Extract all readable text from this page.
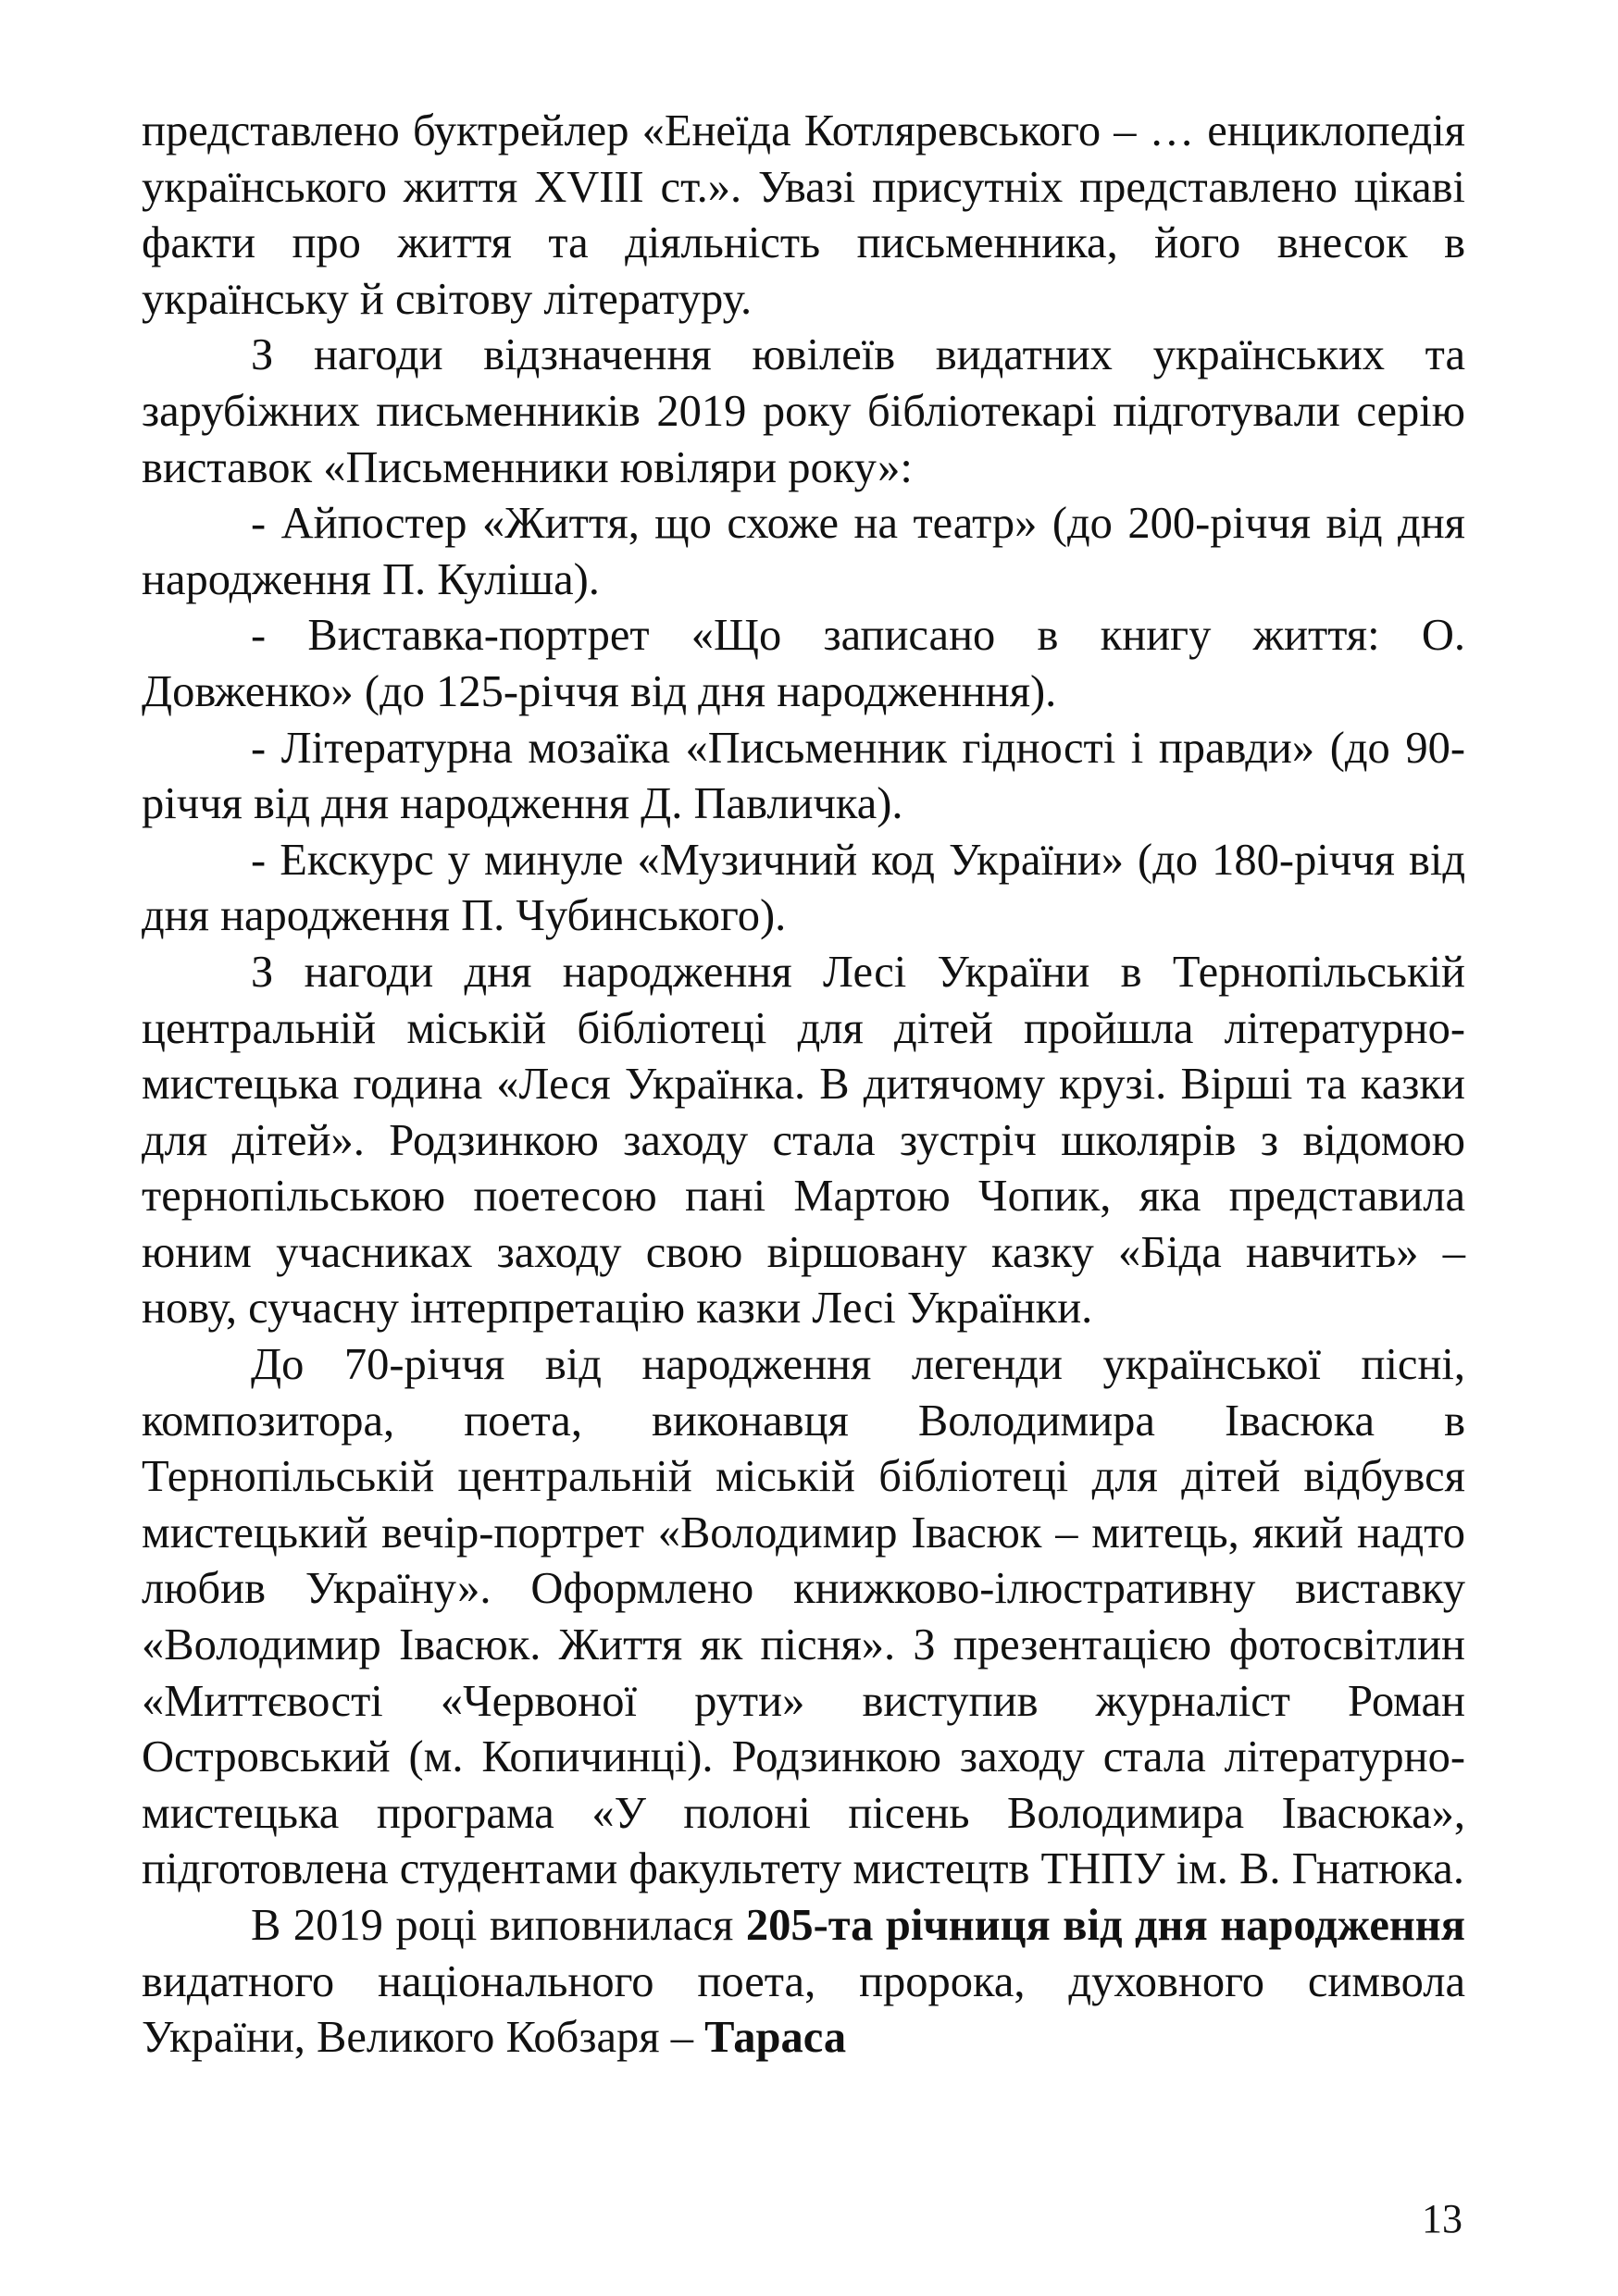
представлено буктрейлер «Енеїда Котляревського – … енциклопедія українського життя XVIII ст.». Увазі присутніх представлено цікаві факти про життя та діяльність письменника, його внесок в українську й світову літературу.

З нагоди відзначення ювілеїв видатних українських та зарубіжних письменників 2019 року бібліотекарі підготували серію виставок «Письменники ювіляри року»:

- Айпостер «Життя, що схоже на театр» (до 200-річчя від дня народження П. Куліша).

- Виставка-портрет «Що записано в книгу життя: О. Довженко» (до 125-річчя від дня народженння).

- Літературна мозаїка «Письменник гідності і правди» (до 90-річчя від дня народження Д. Павличка).

- Екскурс у минуле «Музичний код України» (до 180-річчя від дня народження П. Чубинського).

З нагоди дня народження Лесі України в Тернопільській центральній міській бібліотеці для дітей пройшла літературно-мистецька година «Леся Українка. В дитячому крузі. Вірші та казки для дітей». Родзинкою заходу стала зустріч школярів з відомою тернопільською поетесою пані Мартою Чопик, яка представила юним учасниках заходу свою віршовану казку «Біда навчить» – нову, сучасну інтерпретацію казки Лесі Українки.

До 70-річчя від народження легенди української пісні, композитора, поета, виконавця Володимира Івасюка в Тернопільській центральній міській бібліотеці для дітей відбувся мистецький вечір-портрет «Володимир Івасюк – митець, який надто любив Україну». Оформлено книжково-ілюстративну виставку «Володимир Івасюк. Життя як пісня». З презентацією фотосвітлин «Миттєвості «Червоної рути» виступив журналіст Роман Островський (м. Копичинці). Родзинкою заходу стала літературно-мистецька програма «У полоні пісень Володимира Івасюка», підготовлена студентами факультету мистецтв ТНПУ ім. В. Гнатюка.

В 2019 році виповнилася 205-та річниця від дня народження видатного національного поета, пророка, духовного символа України, Великого Кобзаря – Тараса

13
